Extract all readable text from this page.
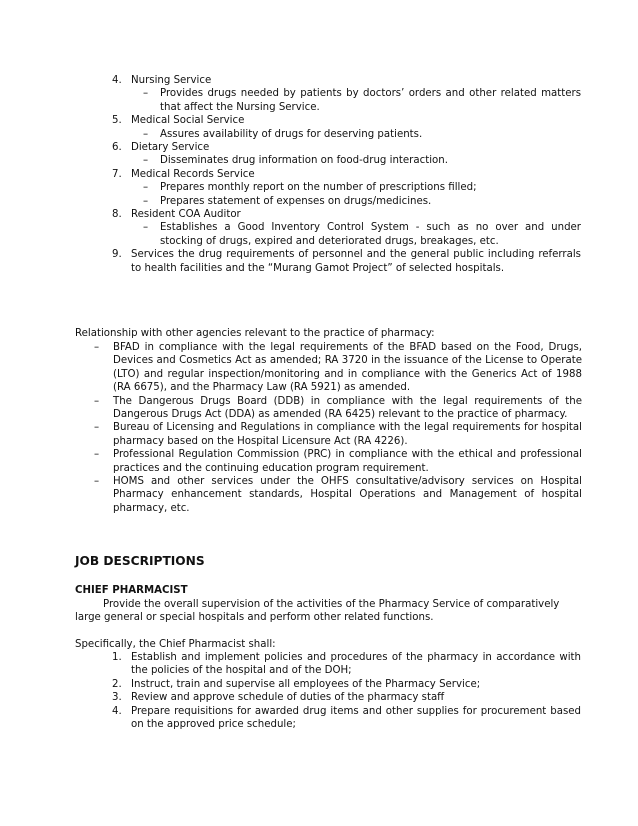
4. Nursing Service
– Provides drugs needed by patients by doctors’ orders and other related matters that affect the Nursing Service.
5. Medical Social Service
– Assures availability of drugs for deserving patients.
6. Dietary Service
– Disseminates drug information on food-drug interaction.
7. Medical Records Service
– Prepares monthly report on the number of prescriptions filled;
– Prepares statement of expenses on drugs/medicines.
8. Resident COA Auditor
– Establishes a Good Inventory Control System - such as no over and under stocking of drugs, expired and deteriorated drugs, breakages, etc.
9. Services the drug requirements of personnel and the general public including referrals to health facilities and the “Murang Gamot Project” of selected hospitals.
Relationship with other agencies relevant to the practice of pharmacy:
– BFAD in compliance with the legal requirements of the BFAD based on the Food, Drugs, Devices and Cosmetics Act as amended; RA 3720 in the issuance of the License to Operate (LTO) and regular inspection/monitoring and in compliance with the Generics Act of 1988 (RA 6675), and the Pharmacy Law (RA 5921) as amended.
– The Dangerous Drugs Board (DDB) in compliance with the legal requirements of the Dangerous Drugs Act (DDA) as amended (RA 6425) relevant to the practice of pharmacy.
– Bureau of Licensing and Regulations in compliance with the legal requirements for hospital pharmacy based on the Hospital Licensure Act (RA 4226).
– Professional Regulation Commission (PRC) in compliance with the ethical and professional practices and the continuing education program requirement.
– HOMS and other services under the OHFS consultative/advisory services on Hospital Pharmacy enhancement standards, Hospital Operations and Management of hospital pharmacy, etc.
JOB DESCRIPTIONS
CHIEF PHARMACIST
Provide the overall supervision of the activities of the Pharmacy Service of comparatively large general or special hospitals and perform other related functions.
Specifically, the Chief Pharmacist shall:
1. Establish and implement policies and procedures of the pharmacy in accordance with the policies of the hospital and of the DOH;
2. Instruct, train and supervise all employees of the Pharmacy Service;
3. Review and approve schedule of duties of the pharmacy staff
4. Prepare requisitions for awarded drug items and other supplies for procurement based on the approved price schedule;
